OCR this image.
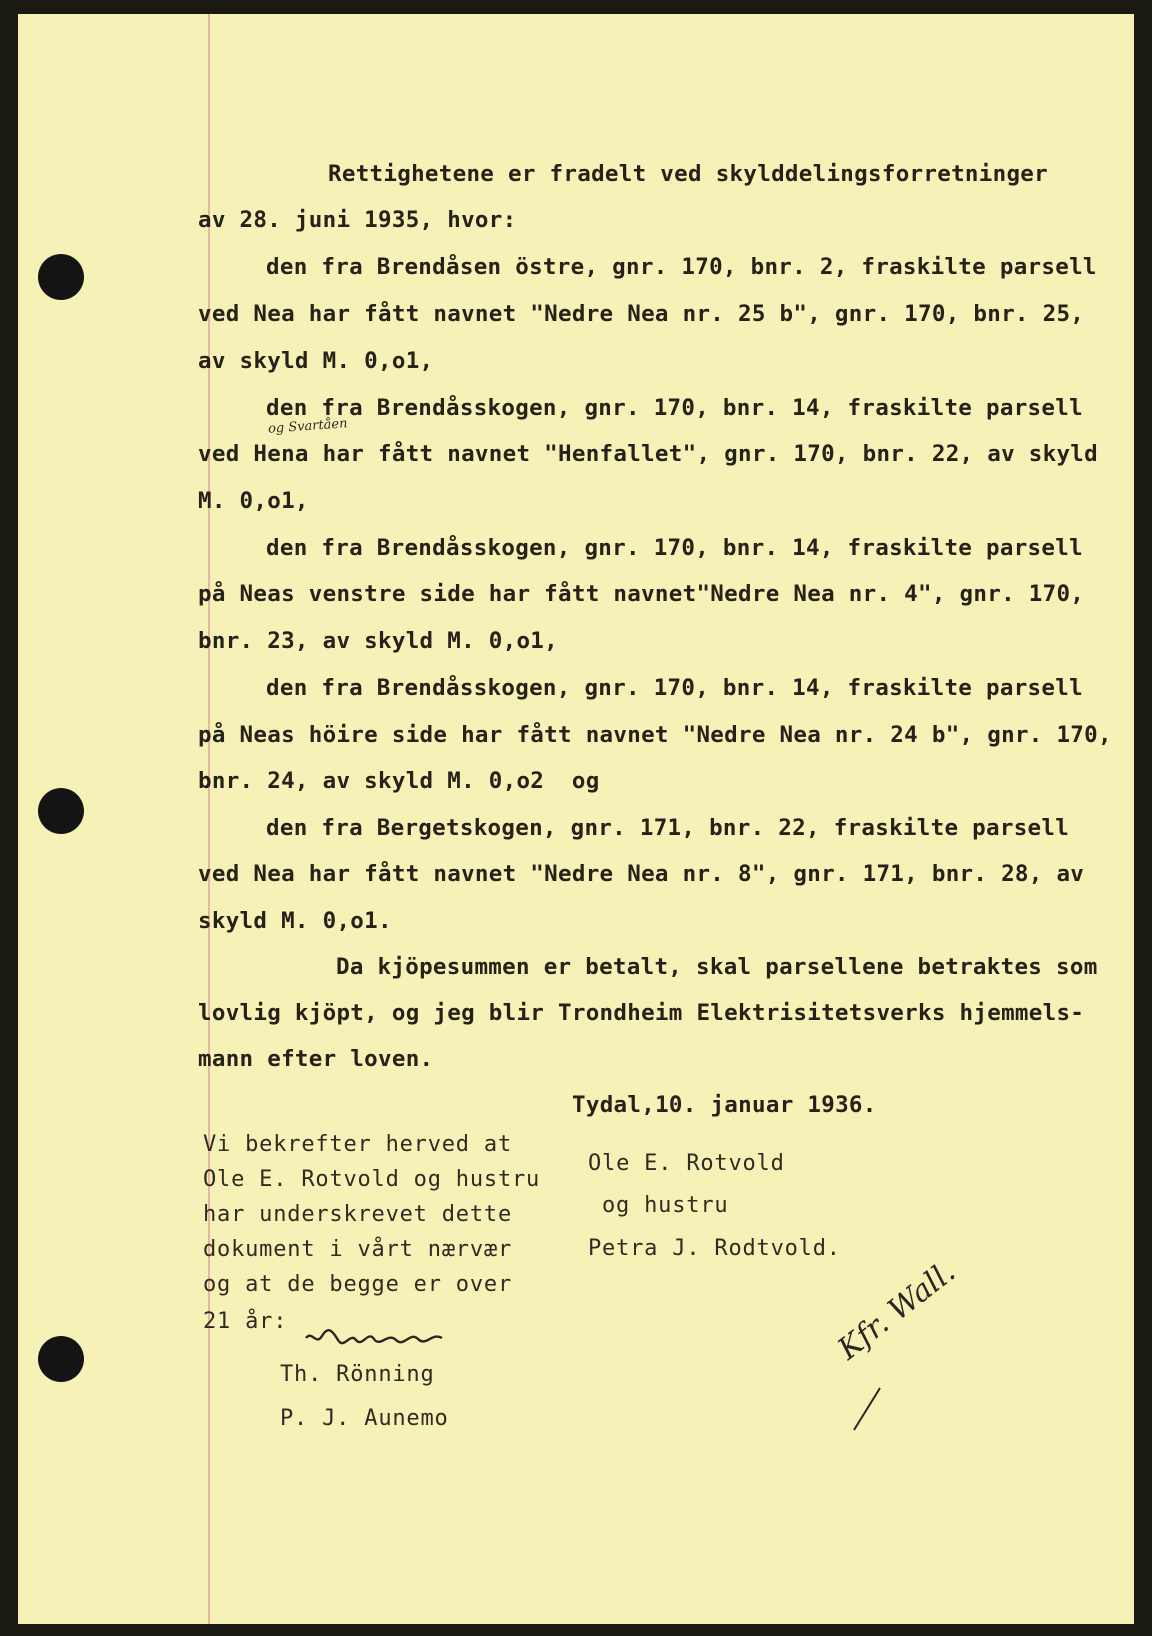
Rettighetene er fradelt ved skylddelingsforretninger

av 28. juni 1935, hvor:

den fra Brendåsen östre, gnr. 170, bnr. 2, fraskilte parsell

ved Nea har fått navnet "Nedre Nea nr. 25 b", gnr. 170, bnr. 25,

av skyld M. 0,o1,

den fra Brendåsskogen, gnr. 170, bnr. 14, fraskilte parsell

og Svartåen

ved Hena har fått navnet "Henfallet", gnr. 170, bnr. 22, av skyld

M. 0,o1,

den fra Brendåsskogen, gnr. 170, bnr. 14, fraskilte parsell

på Neas venstre side har fått navnet"Nedre Nea nr. 4", gnr. 170,

bnr. 23, av skyld M. 0,o1,

den fra Brendåsskogen, gnr. 170, bnr. 14, fraskilte parsell

på Neas höire side har fått navnet "Nedre Nea nr. 24 b", gnr. 170,

bnr. 24, av skyld M. 0,o2  og

den fra Bergetskogen, gnr. 171, bnr. 22, fraskilte parsell

ved Nea har fått navnet "Nedre Nea nr. 8", gnr. 171, bnr. 28, av

skyld M. 0,o1.

Da kjöpesummen er betalt, skal parsellene betraktes som

lovlig kjöpt, og jeg blir Trondheim Elektrisitetsverks hjemmels-

mann efter loven.

Tydal,10. januar 1936.

Ole E. Rotvold

og hustru

Petra J. Rodtvold.

Vi bekrefter herved at

Ole E. Rotvold og hustru

har underskrevet dette

dokument i vårt nærvær

og at de begge er over

21 år:

Th. Rönning

P. J. Aunemo

Kfr. Wall.
